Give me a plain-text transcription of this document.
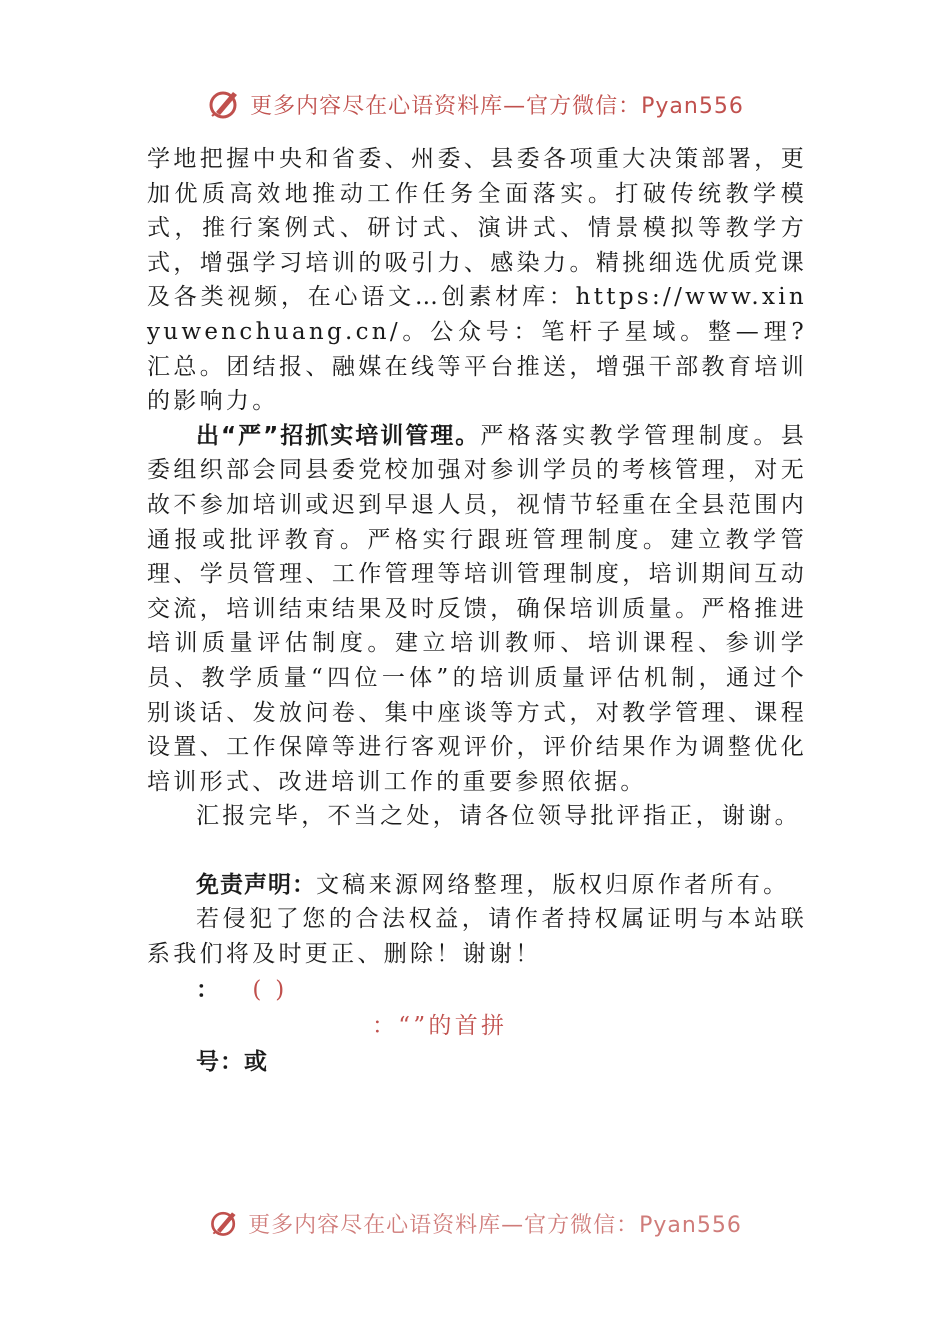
更多内容尽在心语资料库—官方微信：Pyan556

学地把握中央和省委、州委、县委各项重大决策部署，更加优质高效地推动工作任务全面落实。打破传统教学模式，推行案例式、研讨式、演讲式、情景模拟等教学方式，增强学习培训的吸引力、感染力。精挑细选优质党课及各类视频，在心语文…创素材库：https://www.xinyuwenchuang.cn/。公众号：笔杆子星域。整—理?汇总。团结报、融媒在线等平台推送，增强干部教育培训的影响力。

出“严”招抓实培训管理。严格落实教学管理制度。县委组织部会同县委党校加强对参训学员的考核管理，对无故不参加培训或迟到早退人员，视情节轻重在全县范围内通报或批评教育。严格实行跟班管理制度。建立教学管理、学员管理、工作管理等培训管理制度，培训期间互动交流，培训结束结果及时反馈，确保培训质量。严格推进培训质量评估制度。建立培训教师、培训课程、参训学员、教学质量“四位一体”的培训质量评估机制，通过个别谈话、发放问卷、集中座谈等方式，对教学管理、课程设置、工作保障等进行客观评价，评价结果作为调整优化培训形式、改进培训工作的重要参照依据。

汇报完毕，不当之处，请各位领导批评指正，谢谢。

免责声明：文稿来源网络整理，版权归原作者所有。

若侵犯了您的合法权益，请作者持权属证明与本站联系我们将及时更正、删除！谢谢！

： ( )

：“”的首拼

号：或

更多内容尽在心语资料库—官方微信：Pyan556
